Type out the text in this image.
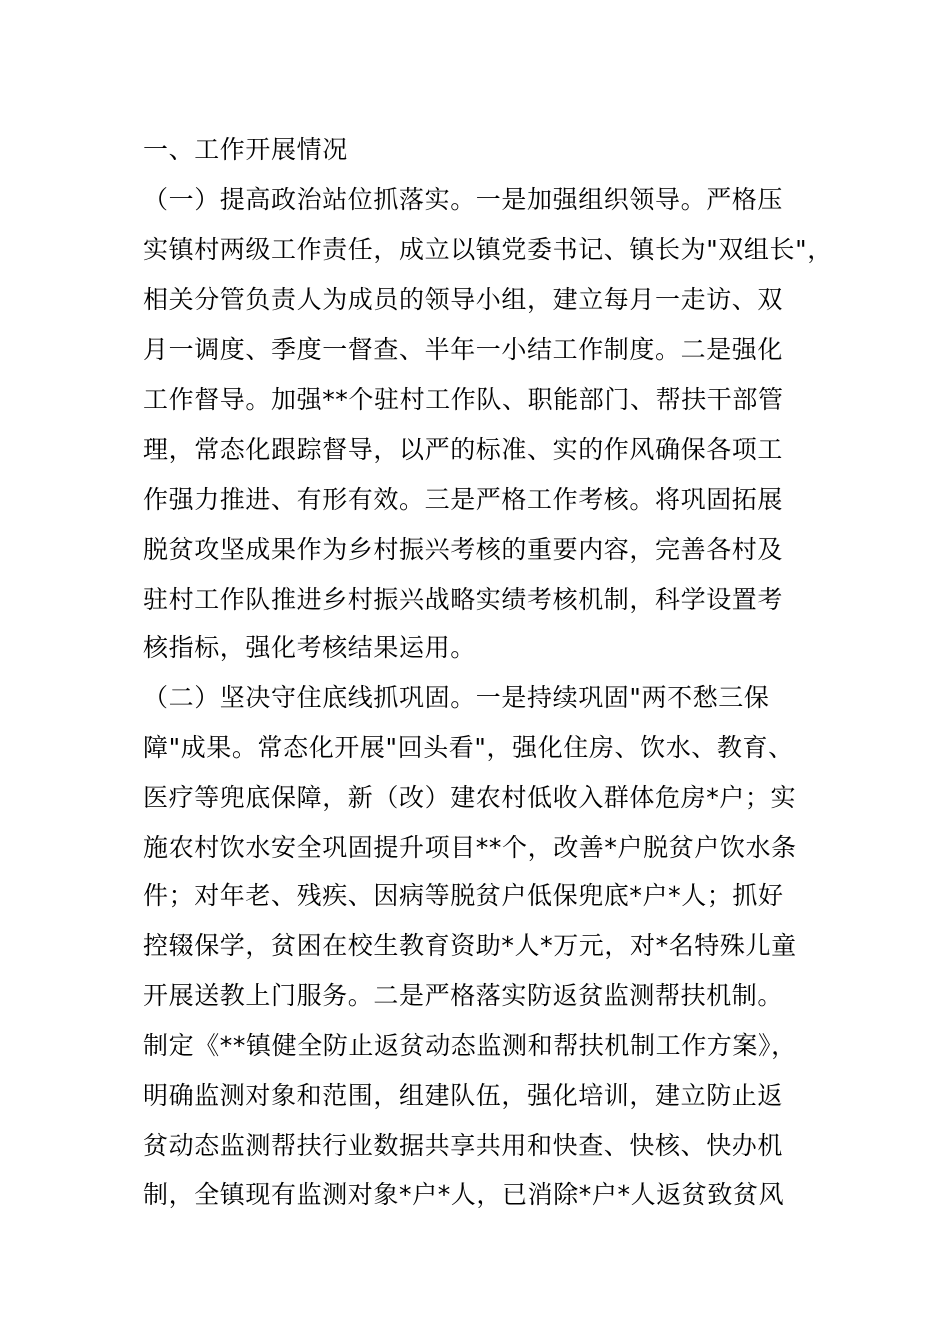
一、工作开展情况
（一）提高政治站位抓落实。一是加强组织领导。严格压
实镇村两级工作责任，成立以镇党委书记、镇长为"双组长"，
相关分管负责人为成员的领导小组，建立每月一走访、双
月一调度、季度一督查、半年一小结工作制度。二是强化
工作督导。加强**个驻村工作队、职能部门、帮扶干部管
理，常态化跟踪督导，以严的标准、实的作风确保各项工
作强力推进、有形有效。三是严格工作考核。将巩固拓展
脱贫攻坚成果作为乡村振兴考核的重要内容，完善各村及
驻村工作队推进乡村振兴战略实绩考核机制，科学设置考
核指标，强化考核结果运用。
（二）坚决守住底线抓巩固。一是持续巩固"两不愁三保
障"成果。常态化开展"回头看"，强化住房、饮水、教育、
医疗等兜底保障，新（改）建农村低收入群体危房*户；实
施农村饮水安全巩固提升项目**个，改善*户脱贫户饮水条
件；对年老、残疾、因病等脱贫户低保兜底*户*人；抓好
控辍保学，贫困在校生教育资助*人*万元，对*名特殊儿童
开展送教上门服务。二是严格落实防返贫监测帮扶机制。
制定《**镇健全防止返贫动态监测和帮扶机制工作方案》，
明确监测对象和范围，组建队伍，强化培训，建立防止返
贫动态监测帮扶行业数据共享共用和快查、快核、快办机
制，全镇现有监测对象*户*人，已消除*户*人返贫致贫风
